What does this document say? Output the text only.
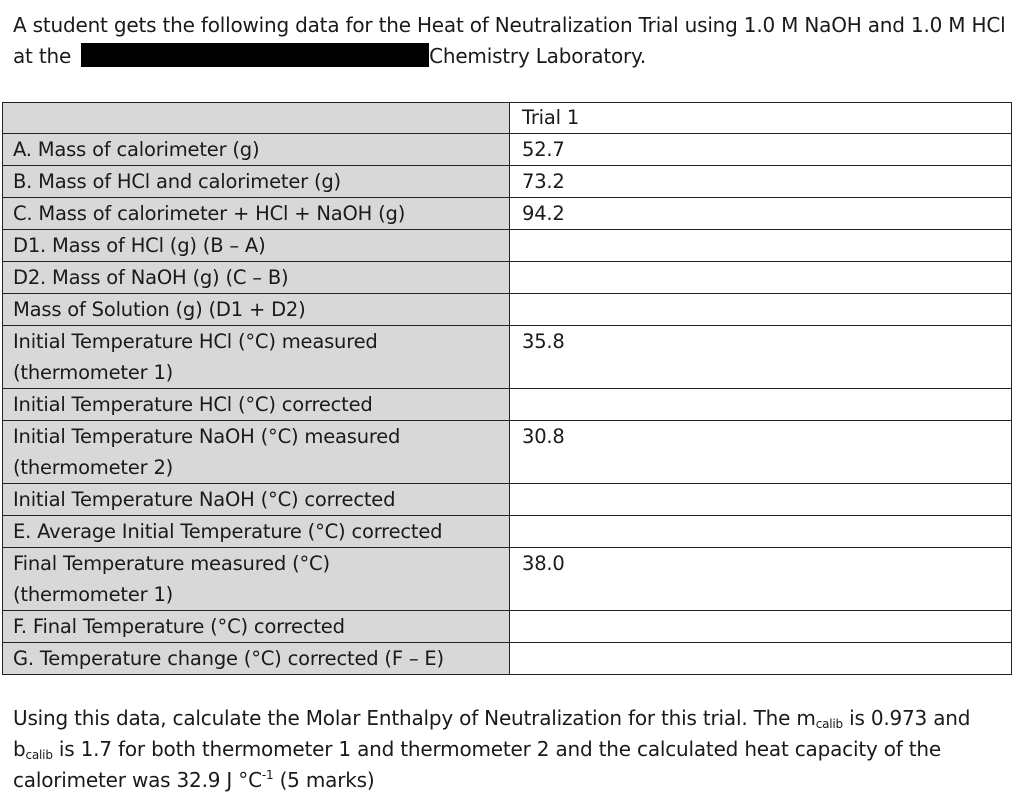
A student gets the following data for the Heat of Neutralization Trial using 1.0 M NaOH and 1.0 M HCl at the	Chemistry Laboratory.
	Trial 1

A. Mass of calorimeter (g)	52.7

B. Mass of HCl and calorimeter (g)	73.2

C. Mass of calorimeter + HCl + NaOH (g)	94.2

D1. Mass of HCl (g) (B – A)	

D2. Mass of NaOH (g) (C – B)	

Mass of Solution (g) (D1 + D2)	

Initial Temperature HCl (°C) measured
(thermometer 1)	35.8

Initial Temperature HCl (°C) corrected	

Initial Temperature NaOH (°C) measured
(thermometer 2)	30.8

Initial Temperature NaOH (°C) corrected	

E. Average Initial Temperature (°C) corrected	

Final Temperature measured (°C)
(thermometer 1)	38.0

F. Final Temperature (°C) corrected	

G. Temperature change (°C) corrected (F – E)	

Using this data, calculate the Molar Enthalpy of Neutralization for this trial. The $m_{calib}$ is 0.973 and $b_{calib}$ is 1.7 for both thermometer 1 and thermometer 2 and the calculated heat capacity of the calorimeter was 32.9 J $^\circ C^{-1}$ (5 marks)
